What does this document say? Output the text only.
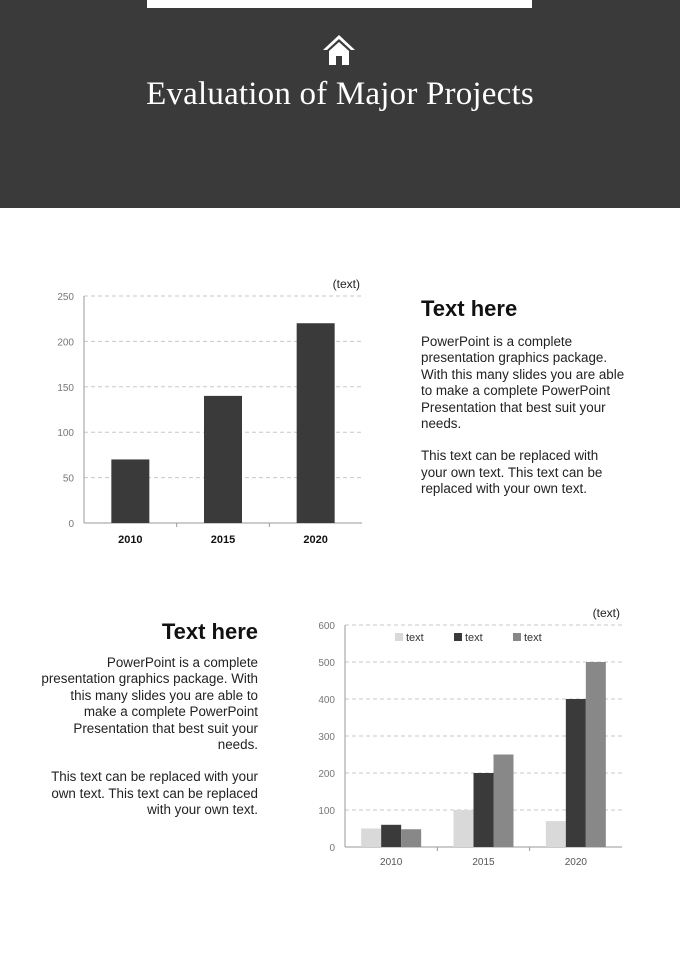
Evaluation of Major Projects
(text)
0
50
100
150
200
250
2010	2015	2020
Text here

PowerPoint is a complete presentation graphics package. With this many slides you are able to make a complete PowerPoint Presentation that best suit your needs.

This text can be replaced with your own text. This text can be replaced with your own text.

Text here

PowerPoint is a complete presentation graphics package. With this many slides you are able to make a complete PowerPoint Presentation that best suit your needs.

This text can be replaced with your own text. This text can be replaced with your own text.

(text)
0
100
200
300
400
500
600
2010	2015	2020
text	text	text
